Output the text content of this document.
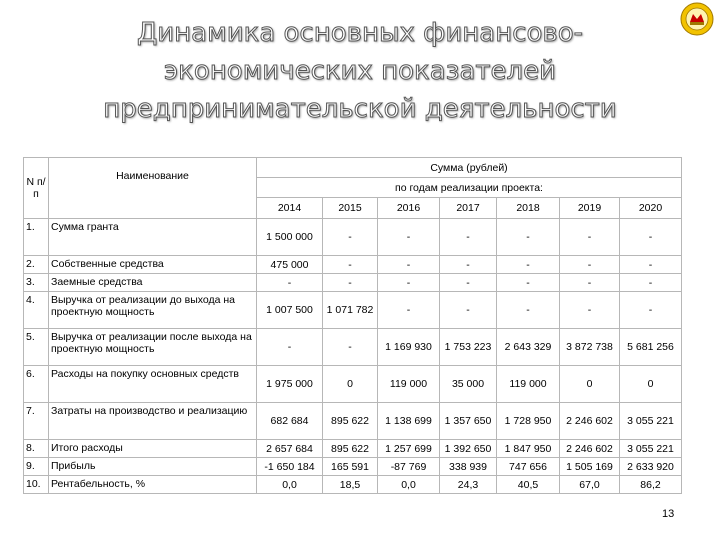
Динамика основных финансово-
экономических показателей
предпринимательской деятельности
N п/п	Наименование	Сумма (рублей)						
		по годам реализации проекта:						
		2014	2015	2016	2017	2018	2019	2020
1.	Сумма гранта	1 500 000	-	-	-	-	-	-
2.	Собственные средства	475 000	-	-	-	-	-	-
3.	Заемные средства	-	-	-	-	-	-	-
4.	Выручка от реализации до выхода на проектную мощность	1 007 500	1 071 782	-	-	-	-	-
5.	Выручка от реализации после выхода на проектную мощность	-	-	1 169 930	1 753 223	2 643 329	3 872 738	5 681 256
6.	Расходы на покупку основных средств	1 975 000	0	119 000	35 000	119 000	0	0
7.	Затраты на производство и реализацию	682 684	895 622	1 138 699	1 357 650	1 728 950	2 246 602	3 055 221
8.	Итого расходы	2 657 684	895 622	1 257 699	1 392 650	1 847 950	2 246 602	3 055 221
9.	Прибыль	-1 650 184	165 591	-87 769	338 939	747 656	1 505 169	2 633 920
10.	Рентабельность, %	0,0	18,5	0,0	24,3	40,5	67,0	86,2
13
